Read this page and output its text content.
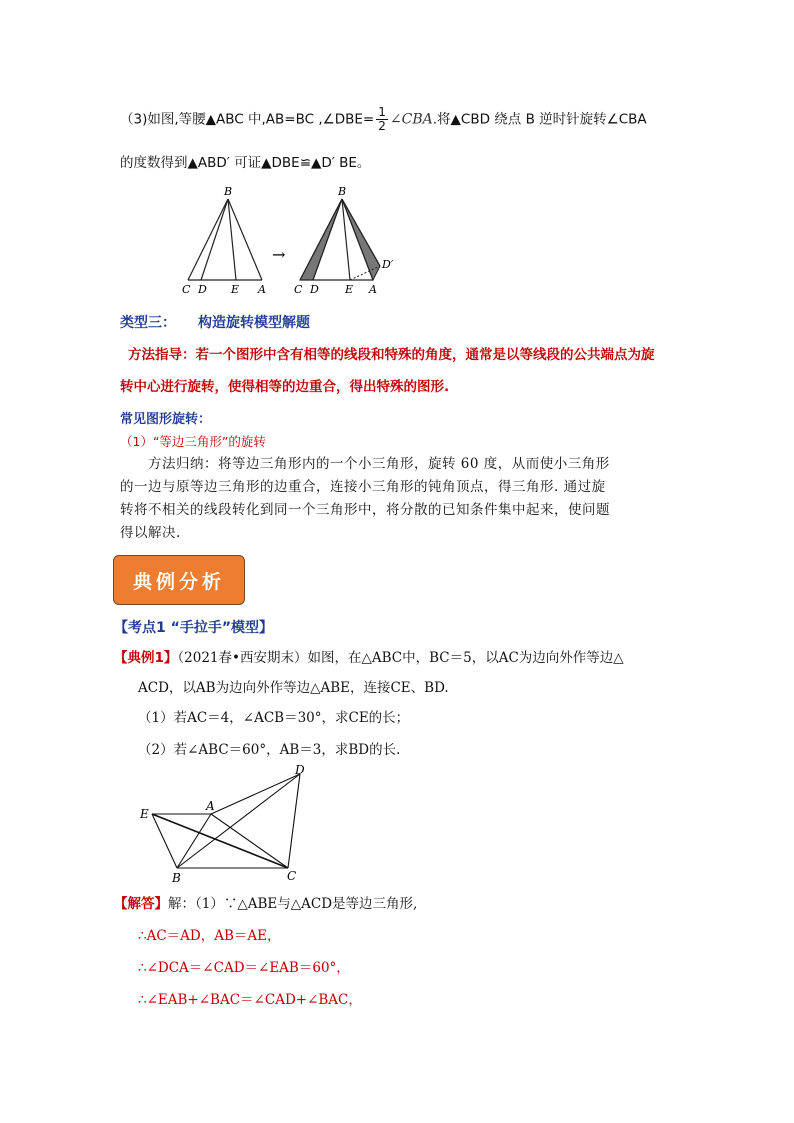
（3)如图,等腰▲ABC 中,AB=BC ,∠DBE= $\frac{1}{2}$ ∠CBA.将▲CBD 绕点 B 逆时针旋转∠CBA
的度数得到▲ABD′ 可证▲DBE≌▲D′ BE。
B
C D E A
→
B
C D E A
D′
类型三： 构造旋转模型解题
方法指导：若一个图形中含有相等的线段和特殊的角度，通常是以等线段的公共端点为旋
转中心进行旋转，使得相等的边重合，得出特殊的图形.
常见图形旋转：
（1）“等边三角形”的旋转
方法归纳：将等边三角形内的一个小三角形，旋转 60 度，从而使小三角形
的一边与原等边三角形的边重合，连接小三角形的钝角顶点，得三角形. 通过旋
转将不相关的线段转化到同一个三角形中，将分散的已知条件集中起来，使问题
得以解决.
典例分析
【考点1 “手拉手”模型】
【典例1】（2021春•西安期末）如图，在△ABC中，BC＝5，以AC为边向外作等边△
ACD，以AB为边向外作等边△ABE，连接CE、BD.
（1）若AC＝4，∠ACB＝30°，求CE的长；
（2）若∠ABC＝60°，AB＝3，求BD的长.
D
A
E
B	C
【解答】解：（1）∵△ABE与△ACD是等边三角形,
∴AC＝AD，AB＝AE，
∴∠DCA＝∠CAD＝∠EAB＝60°，
∴∠EAB+∠BAC＝∠CAD+∠BAC，
